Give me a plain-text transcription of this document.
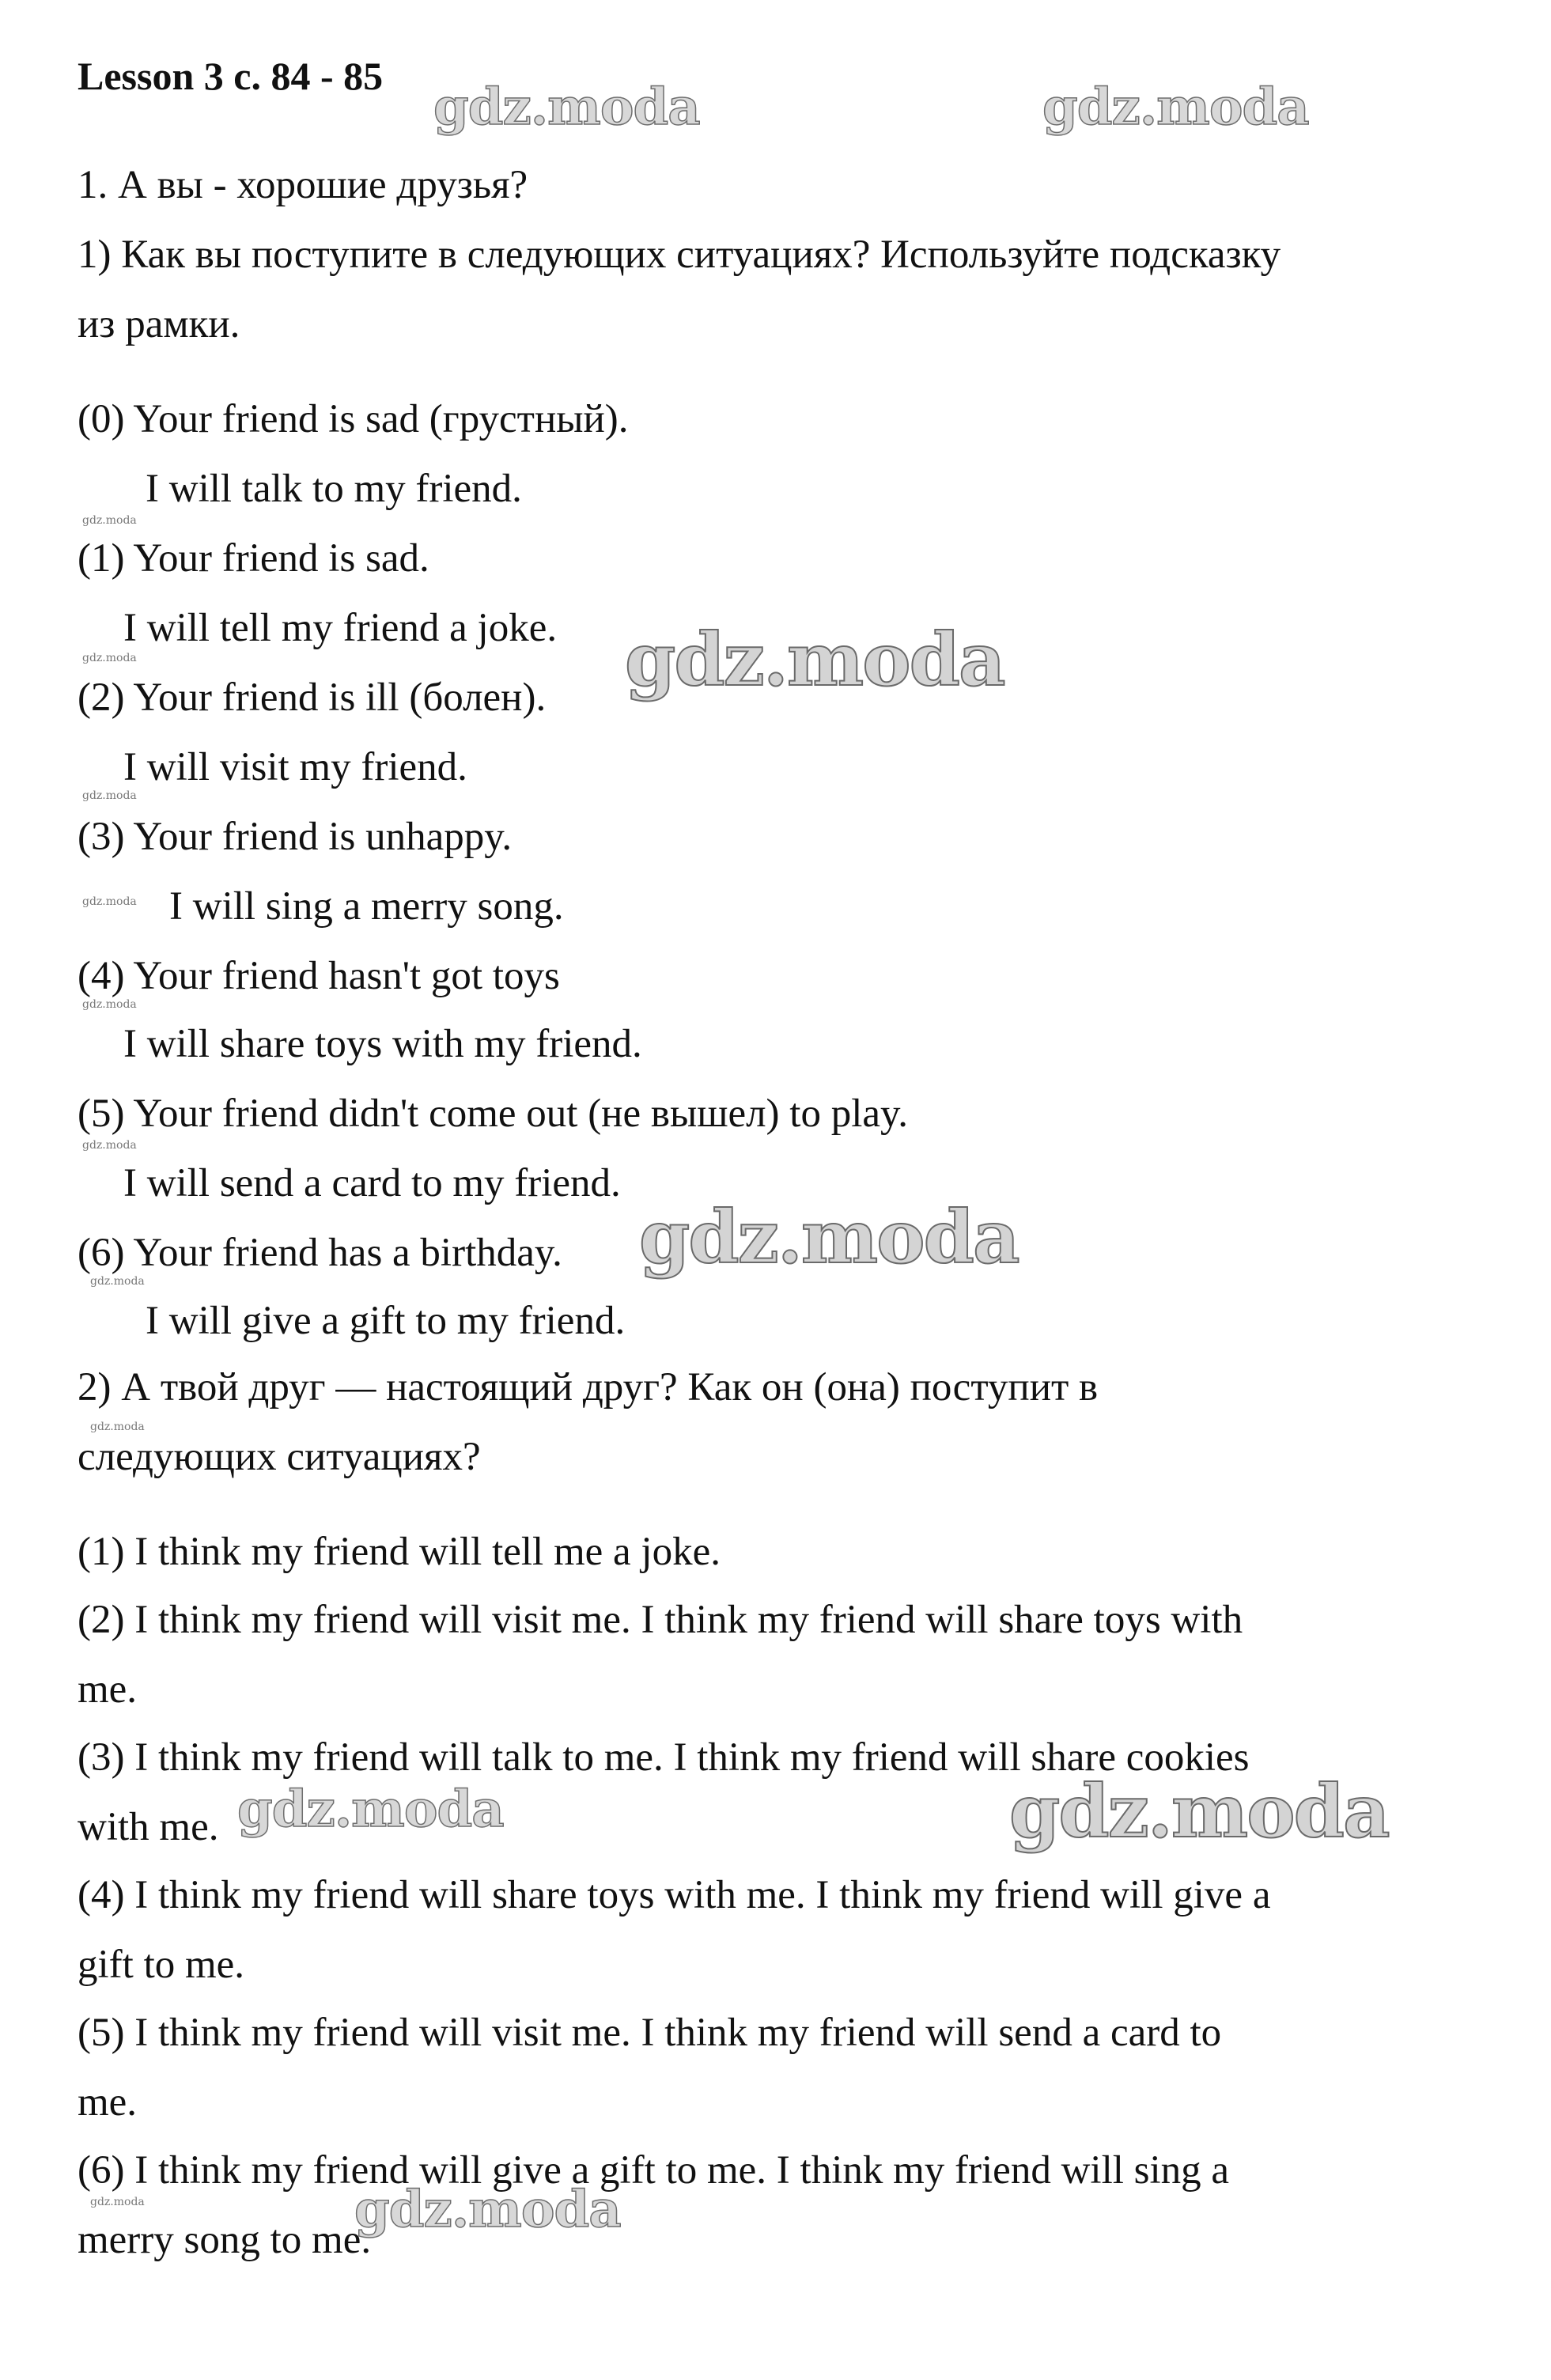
Lesson 3 с. 84 - 85
1. А вы - хорошие друзья?
1) Как вы поступите в следующих ситуациях? Используйте подсказку
из рамки.
(0) Your friend is sad (грустный).
I will talk to my friend.
(1) Your friend is sad.
I will tell my friend a joke.
(2) Your friend is ill (болен).
I will visit my friend.
(3) Your friend is unhappy.
I will sing a merry song.
(4) Your friend hasn't got toys
I will share toys with my friend.
(5) Your friend didn't come out (не вышел) to play.
I will send a card to my friend.
(6) Your friend has a birthday.
I will give a gift to my friend.
2) А твой друг — настоящий друг? Как он (она) поступит в
следующих ситуациях?
(1) I think my friend will tell me a joke.
(2) I think my friend will visit me. I think my friend will share toys with
me.
(3) I think my friend will talk to me. I think my friend will share cookies
with me.
(4) I think my friend will share toys with me. I think my friend will give a
gift to me.
(5) I think my friend will visit me. I think my friend will send a card to
me.
(6) I think my friend will give a gift to me. I think my friend will sing a
merry song to me.
gdz.moda	gdz.moda
gdz.moda
gdz.moda
gdz.moda	gdz.moda
gdz.moda
gdz.moda
gdz.moda
gdz.moda
gdz.moda
gdz.moda
gdz.moda
gdz.moda
gdz.moda
gdz.moda
